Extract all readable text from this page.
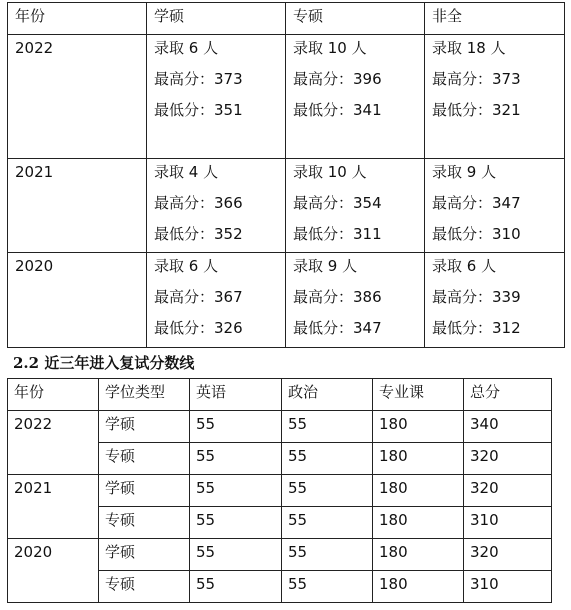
年份	学硕	专硕	非全

2022	录取 6 人
最高分：373
最低分：351	录取 10 人
最高分：396
最低分：341	录取 18 人
最高分：373
最低分：321

2021	录取 4 人
最高分：366
最低分：352	录取 10 人
最高分：354
最低分：311	录取 9 人
最高分：347
最低分：310

2020	录取 6 人
最高分：367
最低分：326	录取 9 人
最高分：386
最低分：347	录取 6 人
最高分：339
最低分：312
2.2 近三年进入复试分数线
年份	学位类型	英语	政治	专业课	总分

2022	学硕	55	55	180	340

	专硕	55	55	180	320

2021	学硕	55	55	180	320

	专硕	55	55	180	310

2020	学硕	55	55	180	320

	专硕	55	55	180	310
